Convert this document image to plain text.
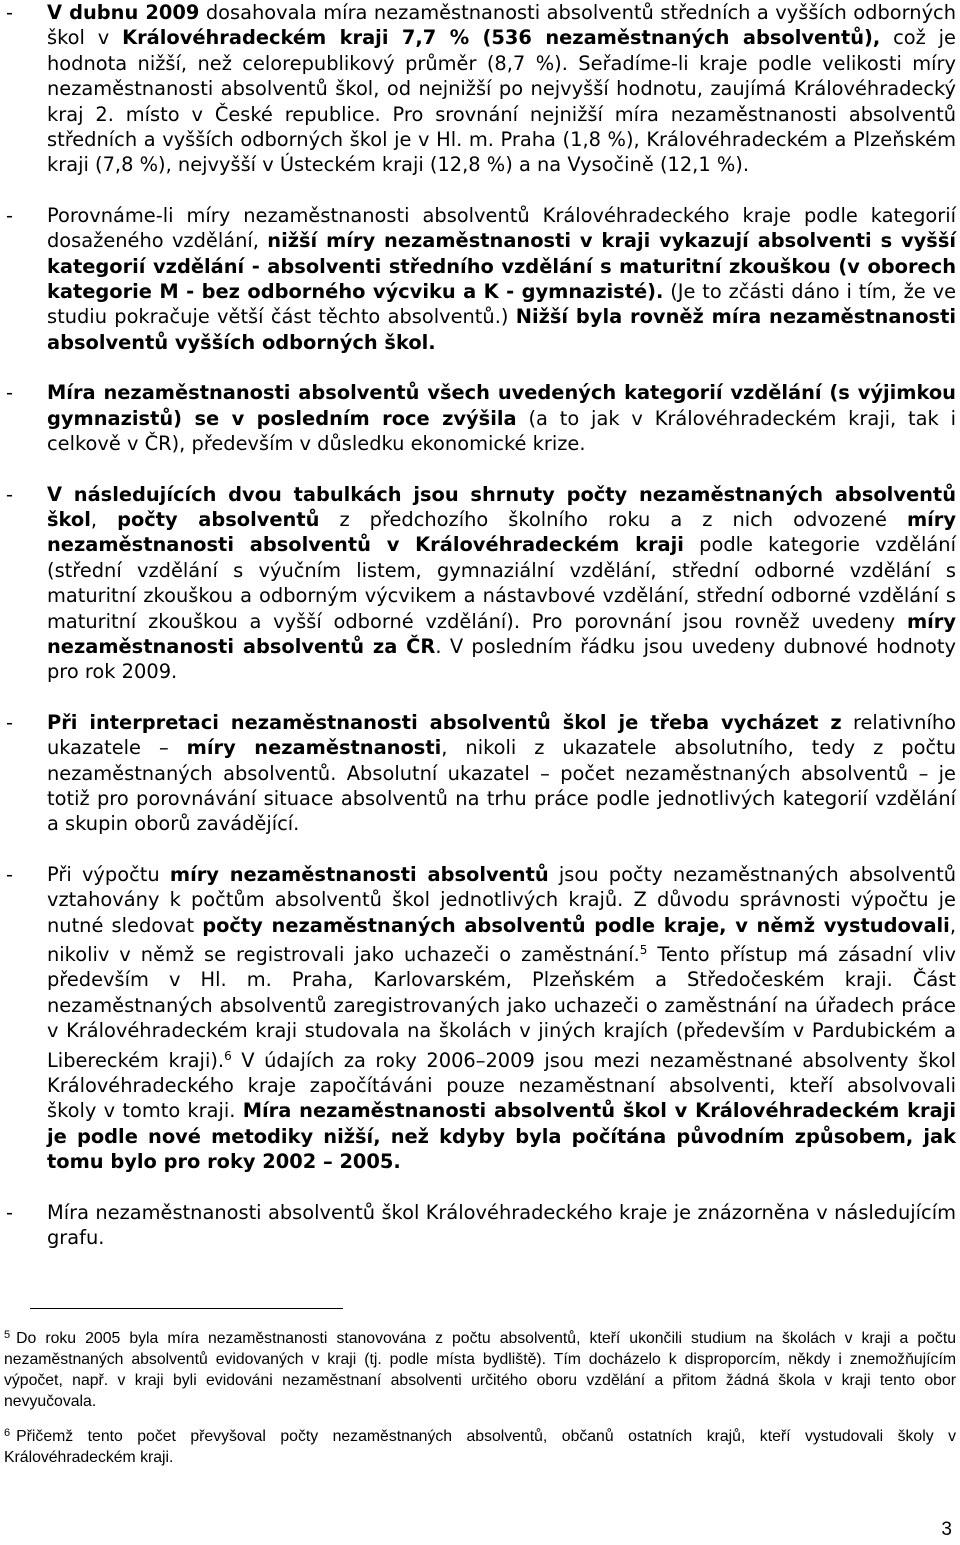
- V dubnu 2009 dosahovala míra nezaměstnanosti absolventů středních a vyšších odborných škol v Královéhradeckém kraji 7,7 % (536 nezaměstnaných absolventů), což je hodnota nižší, než celorepublikový průměr (8,7 %). Seřadíme-li kraje podle velikosti míry nezaměstnanosti absolventů škol, od nejnižší po nejvyšší hodnotu, zaujímá Královéhradecký kraj 2. místo v České republice. Pro srovnání nejnižší míra nezaměstnanosti absolventů středních a vyšších odborných škol je v Hl. m. Praha (1,8 %), Královéhradeckém a Plzeňském kraji (7,8 %), nejvyšší v Ústeckém kraji (12,8 %) a na Vysočině (12,1 %).
- Porovnáme-li míry nezaměstnanosti absolventů Královéhradeckého kraje podle kategorií dosaženého vzdělání, nižší míry nezaměstnanosti v kraji vykazují absolventi s vyšší kategorií vzdělání - absolventi středního vzdělání s maturitní zkouškou (v oborech kategorie M - bez odborného výcviku a K - gymnazisté). (Je to zčásti dáno i tím, že ve studiu pokračuje větší část těchto absolventů.) Nižší byla rovněž míra nezaměstnanosti absolventů vyšších odborných škol.
- Míra nezaměstnanosti absolventů všech uvedených kategorií vzdělání (s výjimkou gymnazistů) se v posledním roce zvýšila (a to jak v Královéhradeckém kraji, tak i celkově v ČR), především v důsledku ekonomické krize.
- V následujících dvou tabulkách jsou shrnuty počty nezaměstnaných absolventů škol, počty absolventů z předchozího školního roku a z nich odvozené míry nezaměstnanosti absolventů v Královéhradeckém kraji podle kategorie vzdělání (střední vzdělání s výučním listem, gymnaziální vzdělání, střední odborné vzdělání s maturitní zkouškou a odborným výcvikem a nástavbové vzdělání, střední odborné vzdělání s maturitní zkouškou a vyšší odborné vzdělání). Pro porovnání jsou rovněž uvedeny míry nezaměstnanosti absolventů za ČR. V posledním řádku jsou uvedeny dubnové hodnoty pro rok 2009.
- Při interpretaci nezaměstnanosti absolventů škol je třeba vycházet z relativního ukazatele – míry nezaměstnanosti, nikoli z ukazatele absolutního, tedy z počtu nezaměstnaných absolventů. Absolutní ukazatel – počet nezaměstnaných absolventů – je totiž pro porovnávání situace absolventů na trhu práce podle jednotlivých kategorií vzdělání a skupin oborů zavádějící.
- Při výpočtu míry nezaměstnanosti absolventů jsou počty nezaměstnaných absolventů vztahovány k počtům absolventů škol jednotlivých krajů. Z důvodu správnosti výpočtu je nutné sledovat počty nezaměstnaných absolventů podle kraje, v němž vystudovali, nikoliv v němž se registrovali jako uchazeči o zaměstnání.$^5$ Tento přístup má zásadní vliv především v Hl. m. Praha, Karlovarském, Plzeňském a Středočeském kraji. Část nezaměstnaných absolventů zaregistrovaných jako uchazeči o zaměstnání na úřadech práce v Královéhradeckém kraji studovala na školách v jiných krajích (především v Pardubickém a Libereckém kraji).$^6$ V údajích za roky 2006–2009 jsou mezi nezaměstnané absolventy škol Královéhradeckého kraje započítáváni pouze nezaměstnaní absolventi, kteří absolvovali školy v tomto kraji. Míra nezaměstnanosti absolventů škol v Královéhradeckém kraji je podle nové metodiky nižší, než kdyby byla počítána původním způsobem, jak tomu bylo pro roky 2002 – 2005.
- Míra nezaměstnanosti absolventů škol Královéhradeckého kraje je znázorněna v následujícím grafu.
$^5$ Do roku 2005 byla míra nezaměstnanosti stanovována z počtu absolventů, kteří ukončili studium na školách v kraji a počtu nezaměstnaných absolventů evidovaných v kraji (tj. podle místa bydliště). Tím docházelo k disproporcím, někdy i znemožňujícím výpočet, např. v kraji byli evidováni nezaměstnaní absolventi určitého oboru vzdělání a přitom žádná škola v kraji tento obor nevyučovala.
$^6$ Přičemž tento počet převyšoval počty nezaměstnaných absolventů, občanů ostatních krajů, kteří vystudovali školy v Královéhradeckém kraji.
3
